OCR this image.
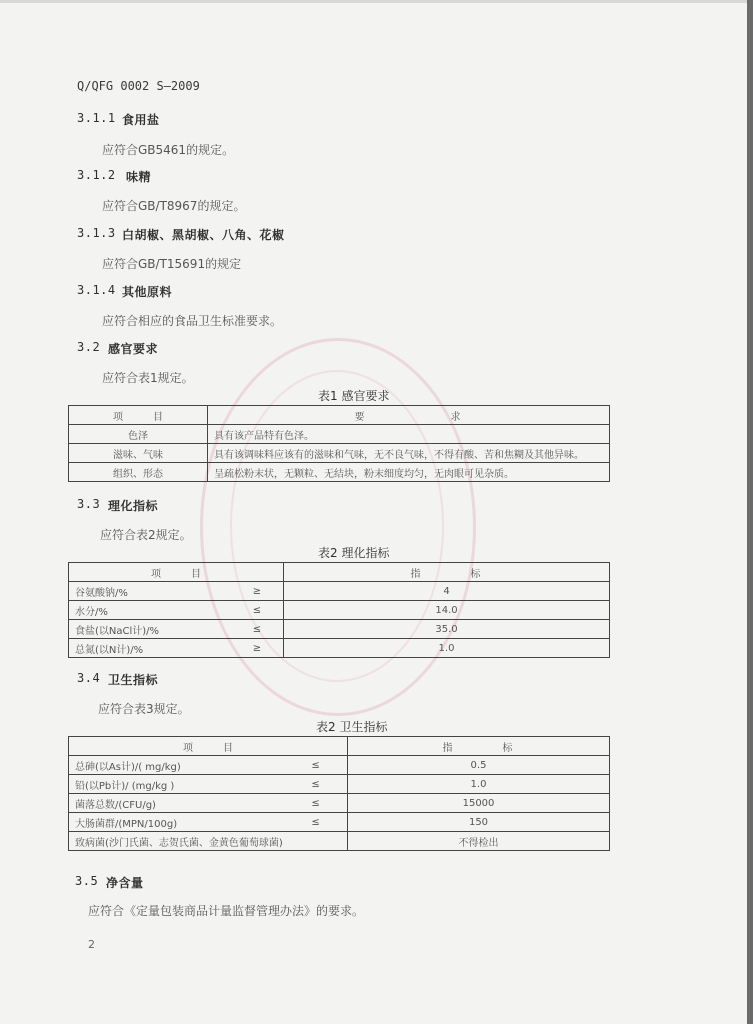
Q/QFG 0002 S—2009
3.1.1 食用盐
应符合GB5461的规定。
3.1.2 味精
应符合GB/T8967的规定。
3.1.3 白胡椒、黑胡椒、八角、花椒
应符合GB/T15691的规定
3.1.4 其他原料
应符合相应的食品卫生标准要求。
3.2 感官要求
应符合表1规定。
表1 感官要求
项　　　目	要　　　　　　　求
色泽	具有该产品特有色泽。
滋味、气味	具有该调味料应该有的滋味和气味，无不良气味，不得有酸、苦和焦糊及其他异味。
组织、形态	呈疏松粉末状，无颗粒、无结块，粉末细度均匀，无肉眼可见杂质。
3.3 理化指标
应符合表2规定。
表2 理化指标
项　　　目		指　　　　标
谷氨酸钠/%	≥	4
水分/%	≤	14.0
食盐(以NaCl计)/%	≤	35.0
总氮(以N计)/%	≥	1.0
3.4 卫生指标
应符合表3规定。
表2 卫生指标
项　　　目		指　　　　标
总砷(以As计)/( mg/kg)	≤	0.5
铅(以Pb计)/ (mg/kg )	≤	1.0
菌落总数/(CFU/g)	≤	15000
大肠菌群/(MPN/100g)	≤	150
致病菌(沙门氏菌、志贺氏菌、金黄色葡萄球菌)		不得检出
3.5 净含量
应符合《定量包装商品计量监督管理办法》的要求。
2
